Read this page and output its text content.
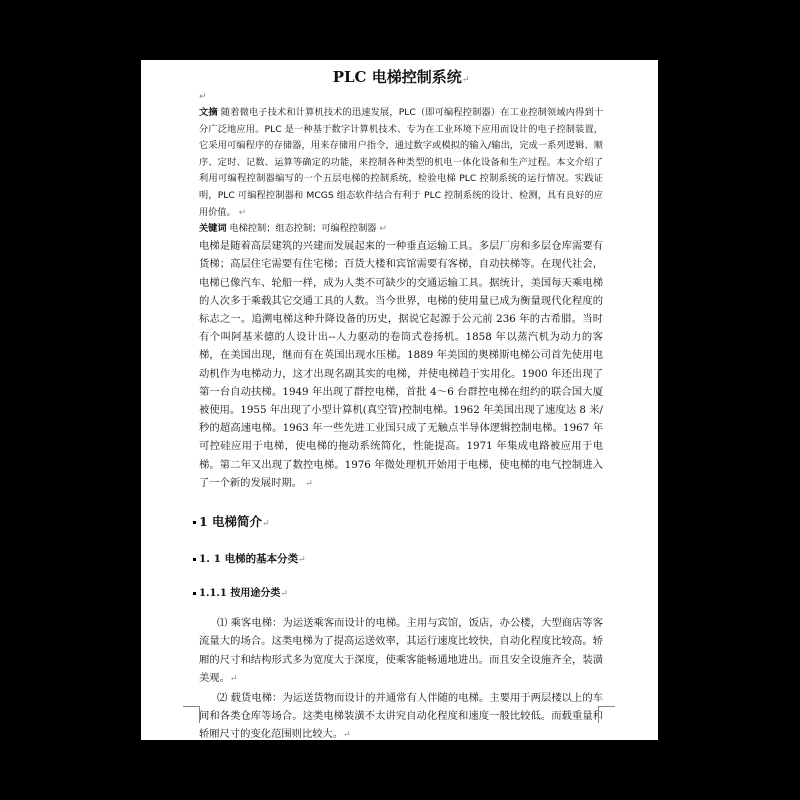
PLC 电梯控制系统↵
↵

文摘 随着微电子技术和计算机技术的迅速发展，PLC（即可编程控制器）在工业控制领域内得到十分广泛地应用。PLC 是一种基于数字计算机技术、专为在工业环境下应用而设计的电子控制装置，它采用可编程序的存储器，用来存储用户指令，通过数字或模拟的输入/输出，完成一系列逻辑、顺序、定时、记数、运算等确定的功能，来控制各种类型的机电一体化设备和生产过程。本文介绍了利用可编程控制器编写的一个五层电梯的控制系统，检验电梯 PLC 控制系统的运行情况。实践证明，PLC 可编程控制器和 MCGS 组态软件结合有利于 PLC 控制系统的设计、检测，具有良好的应用价值。 ↵

关键词 电梯控制；组态控制；可编程控制器 ↵

电梯是随着高层建筑的兴建而发展起来的一种垂直运输工具。多层厂房和多层仓库需要有货梯；高层住宅需要有住宅梯；百货大楼和宾馆需要有客梯，自动扶梯等。在现代社会，电梯已像汽车、轮船一样，成为人类不可缺少的交通运输工具。据统计，美国每天乘电梯的人次多于乘载其它交通工具的人数。当今世界，电梯的使用量已成为衡量现代化程度的标志之一。追溯电梯这种升降设备的历史，据说它起源于公元前 236 年的古希腊。当时有个叫阿基米德的人设计出--人力驱动的卷筒式卷扬机。1858 年以蒸汽机为动力的客梯，在美国出现，继而有在英国出现水压梯。1889 年美国的奥梯斯电梯公司首先使用电动机作为电梯动力，这才出现名副其实的电梯，并使电梯趋于实用化。1900 年还出现了第一台自动扶梯。1949 年出现了群控电梯，首批 4～6 台群控电梯在纽约的联合国大厦被使用。1955 年出现了小型计算机(真空管)控制电梯。1962 年美国出现了速度达 8 米/秒的超高速电梯。1963 年一些先进工业国只成了无触点半导体逻辑控制电梯。1967 年可控硅应用于电梯，使电梯的拖动系统简化，性能提高。1971 年集成电路被应用于电梯。第二年又出现了数控电梯。1976 年微处理机开始用于电梯，使电梯的电气控制进入了一个新的发展时期。 ↵

1 电梯简介↵
1. 1 电梯的基本分类↵
1.1.1 按用途分类↵

⑴ 乘客电梯：为运送乘客而设计的电梯。主用与宾馆，饭店，办公楼，大型商店等客流量大的场合。这类电梯为了提高运送效率，其运行速度比较快，自动化程度比较高。轿厢的尺寸和结构形式多为宽度大于深度，使乘客能畅通地进出。而且安全设施齐全，装潢美观。↵

⑵ 载货电梯：为运送货物而设计的并通常有人伴随的电梯。主要用于两层楼以上的车间和各类仓库等场合。这类电梯装潢不太讲究自动化程度和速度一般比较低。而载重量和轿厢尺寸的变化范围则比较大。↵
